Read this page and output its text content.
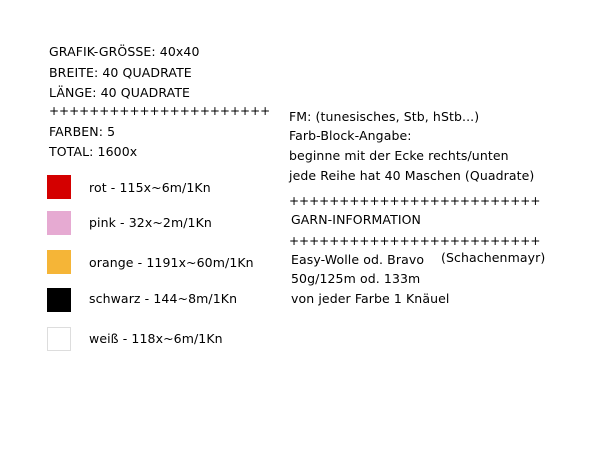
GRAFIK-GRÖSSE: 40x40
BREITE: 40 QUADRATE
LÄNGE: 40 QUADRATE
++++++++++++++++++++++
FARBEN: 5
TOTAL: 1600x
rot - 115x~6m/1Kn
pink - 32x~2m/1Kn
orange - 1191x~60m/1Kn
schwarz - 144~8m/1Kn
weiß - 118x~6m/1Kn
FM: (tunesisches, Stb, hStb...)
Farb-Block-Angabe:
beginne mit der Ecke rechts/unten
jede Reihe hat 40 Maschen (Quadrate)
+++++++++++++++++++++++++
GARN-INFORMATION
+++++++++++++++++++++++++
Easy-Wolle od. Bravo (Schachenmayr)
50g/125m od. 133m
von jeder Farbe 1 Knäuel
